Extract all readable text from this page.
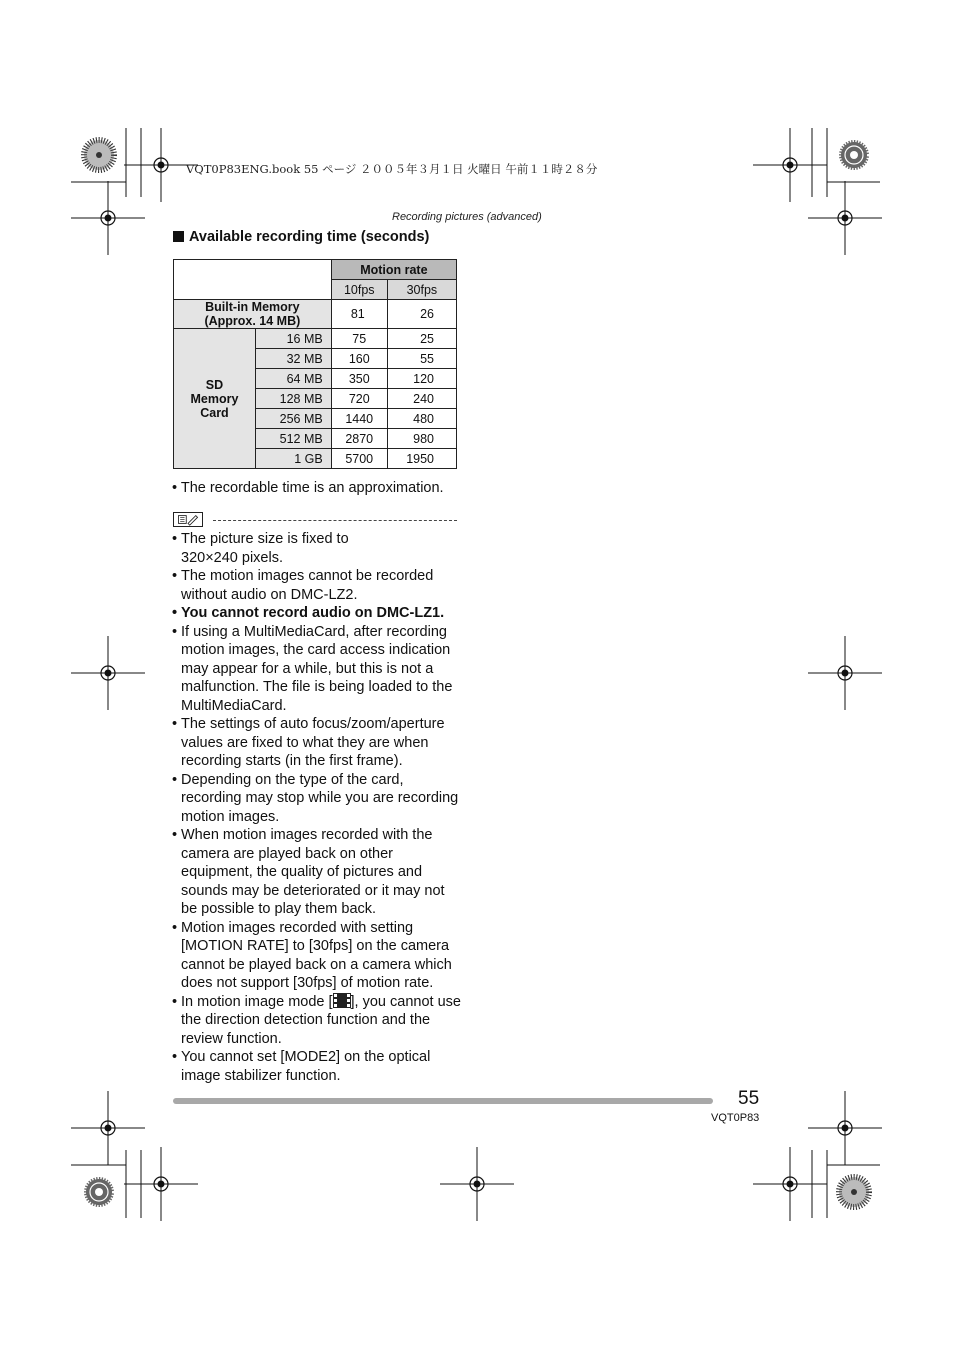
VQT0P83ENG.book 55 ページ ２００５年３月１日 火曜日 午前１１時２８分
Recording pictures (advanced)
Available recording time (seconds)
		Motion rate	
		10fps	30fps
Built-in Memory
(Approx. 14 MB)		81	26
SD
Memory
Card	16 MB	75	25
	32 MB	160	55
	64 MB	350	120
	128 MB	720	240
	256 MB	1440	480
	512 MB	2870	980
	1 GB	5700	1950
• The recordable time is an approximation.
• The picture size is fixed to
320×240 pixels.
• The motion images cannot be recorded without audio on DMC-LZ2.
• You cannot record audio on DMC-LZ1.
• If using a MultiMediaCard, after recording motion images, the card access indication may appear for a while, but this is not a malfunction. The file is being loaded to the MultiMediaCard.
• The settings of auto focus/zoom/aperture values are fixed to what they are when recording starts (in the first frame).
• Depending on the type of the card, recording may stop while you are recording motion images.
• When motion images recorded with the camera are played back on other equipment, the quality of pictures and sounds may be deteriorated or it may not be possible to play them back.
• Motion images recorded with setting [MOTION RATE] to [30fps] on the camera cannot be played back on a camera which does not support [30fps] of motion rate.
• In motion image mode [ ], you cannot use the direction detection function and the review function.
• You cannot set [MODE2] on the optical image stabilizer function.
55
VQT0P83
